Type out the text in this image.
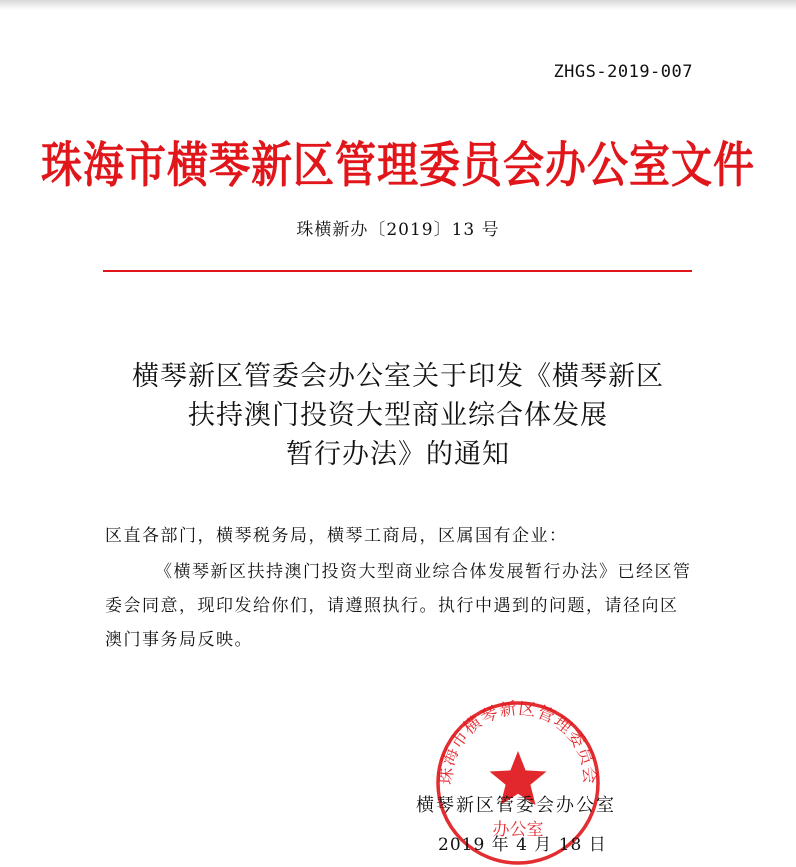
ZHGS-2019-007
珠海市横琴新区管理委员会办公室文件
珠横新办〔2019〕13 号
横琴新区管委会办公室关于印发《横琴新区
扶持澳门投资大型商业综合体发展
暂行办法》的通知
区直各部门，横琴税务局，横琴工商局，区属国有企业：
《横琴新区扶持澳门投资大型商业综合体发展暂行办法》已经区管委会同意，现印发给你们，请遵照执行。执行中遇到的问题，请径向区澳门事务局反映。
珠海市横琴新区管理委员会
办公室
横琴新区管委会办公室
2019 年 4 月 18 日
